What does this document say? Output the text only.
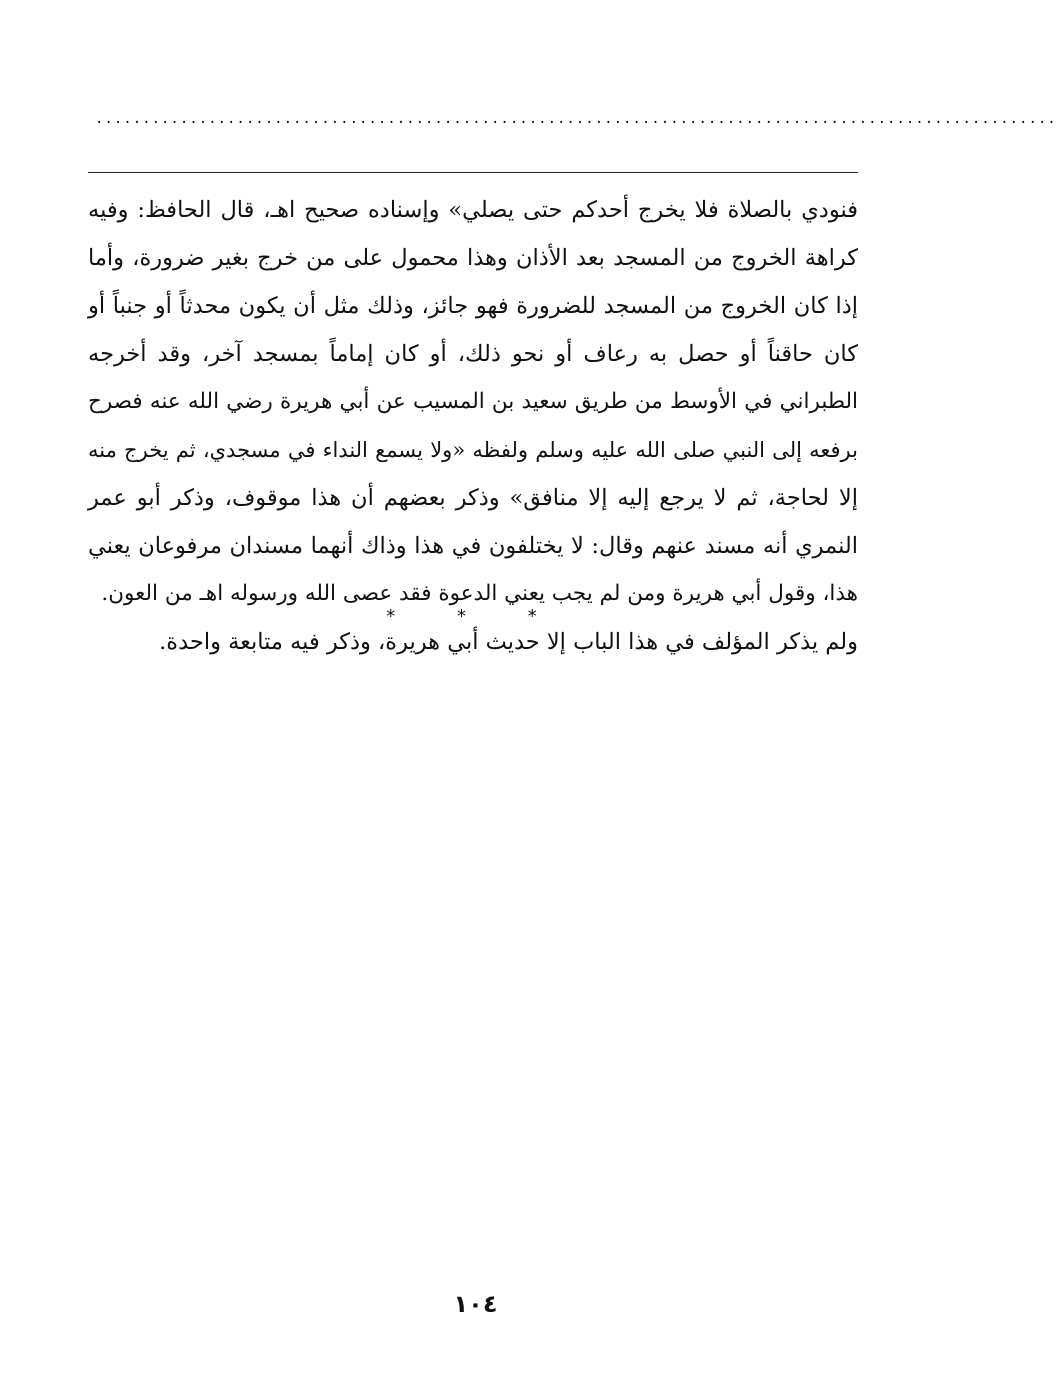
......................................................................................................
فنودي بالصلاة فلا يخرج أحدكم حتى يصلي» وإسناده صحيح اهـ، قال الحافظ: وفيه
كراهة الخروج من المسجد بعد الأذان وهذا محمول على من خرج بغير ضرورة، وأما
إذا كان الخروج من المسجد للضرورة فهو جائز، وذلك مثل أن يكون محدثاً أو جنباً أو
كان حاقناً أو حصل به رعاف أو نحو ذلك، أو كان إماماً بمسجد آخر، وقد أخرجه
الطبراني في الأوسط من طريق سعيد بن المسيب عن أبي هريرة رضي الله عنه فصرح
برفعه إلى النبي صلى الله عليه وسلم ولفظه «ولا يسمع النداء في مسجدي، ثم يخرج منه
إلا لحاجة، ثم لا يرجع إليه إلا منافق» وذكر بعضهم أن هذا موقوف، وذكر أبو عمر
النمري أنه مسند عنهم وقال: لا يختلفون في هذا وذاك أنهما مسندان مرفوعان يعني
هذا، وقول أبي هريرة ومن لم يجب يعني الدعوة فقد عصى الله ورسوله اهـ من العون.
ولم يذكر المؤلف في هذا الباب إلا حديث أبي هريرة، وذكر فيه متابعة واحدة.
* * *
١٠٤
